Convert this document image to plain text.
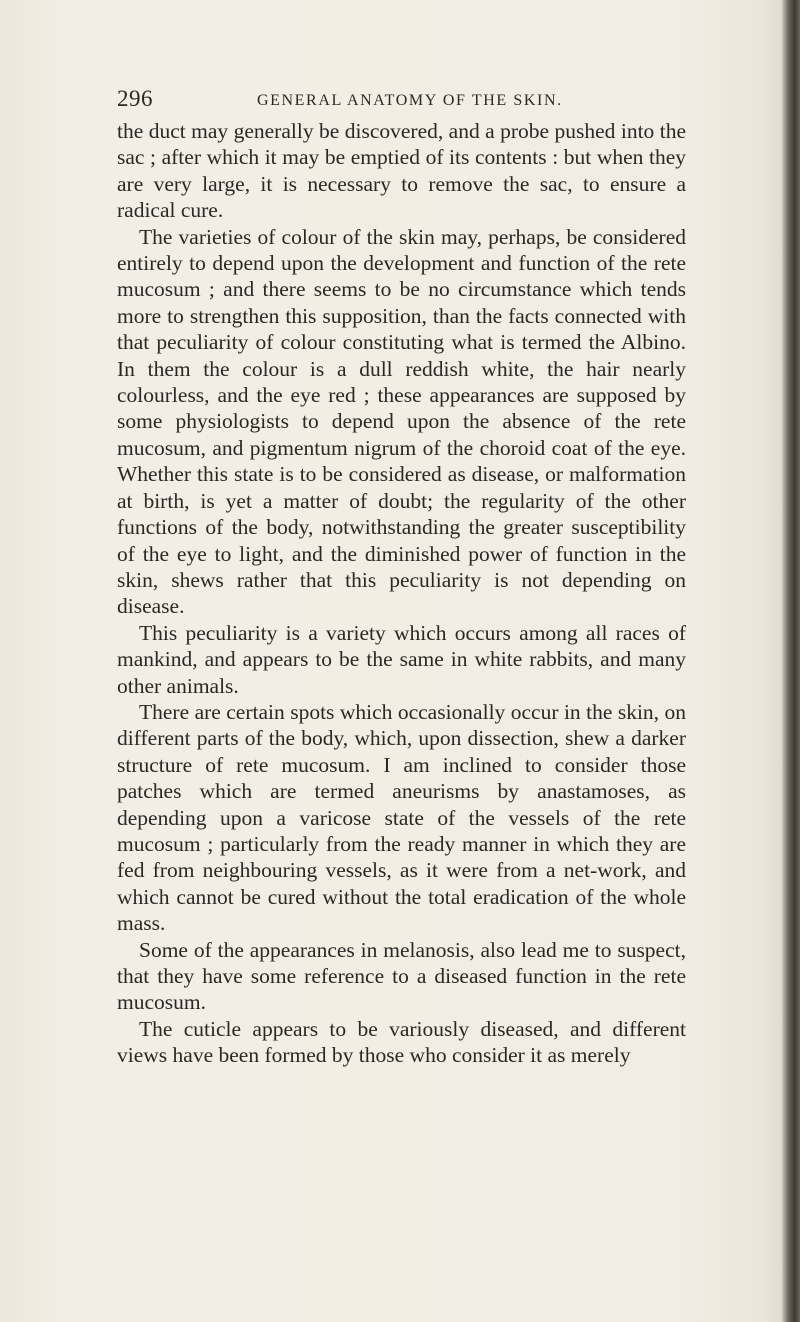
296	GENERAL ANATOMY OF THE SKIN.

the duct may generally be discovered, and a probe pushed into the sac ; after which it may be emptied of its contents : but when they are very large, it is necessary to remove the sac, to ensure a radical cure.

The varieties of colour of the skin may, perhaps, be considered entirely to depend upon the development and function of the rete mucosum ; and there seems to be no circumstance which tends more to strengthen this supposition, than the facts connected with that peculiarity of colour constituting what is termed the Albino. In them the colour is a dull reddish white, the hair nearly colourless, and the eye red ; these appearances are supposed by some physiologists to depend upon the absence of the rete mucosum, and pigmentum nigrum of the choroid coat of the eye. Whether this state is to be considered as disease, or malformation at birth, is yet a matter of doubt; the regularity of the other functions of the body, notwithstanding the greater susceptibility of the eye to light, and the diminished power of function in the skin, shews rather that this peculiarity is not depending on disease.

This peculiarity is a variety which occurs among all races of mankind, and appears to be the same in white rabbits, and many other animals.

There are certain spots which occasionally occur in the skin, on different parts of the body, which, upon dissection, shew a darker structure of rete mucosum. I am inclined to consider those patches which are termed aneurisms by anastamoses, as depending upon a varicose state of the vessels of the rete mucosum ; particularly from the ready manner in which they are fed from neighbouring vessels, as it were from a net-work, and which cannot be cured without the total eradication of the whole mass.

Some of the appearances in melanosis, also lead me to suspect, that they have some reference to a diseased function in the rete mucosum.

The cuticle appears to be variously diseased, and different views have been formed by those who consider it as merely
